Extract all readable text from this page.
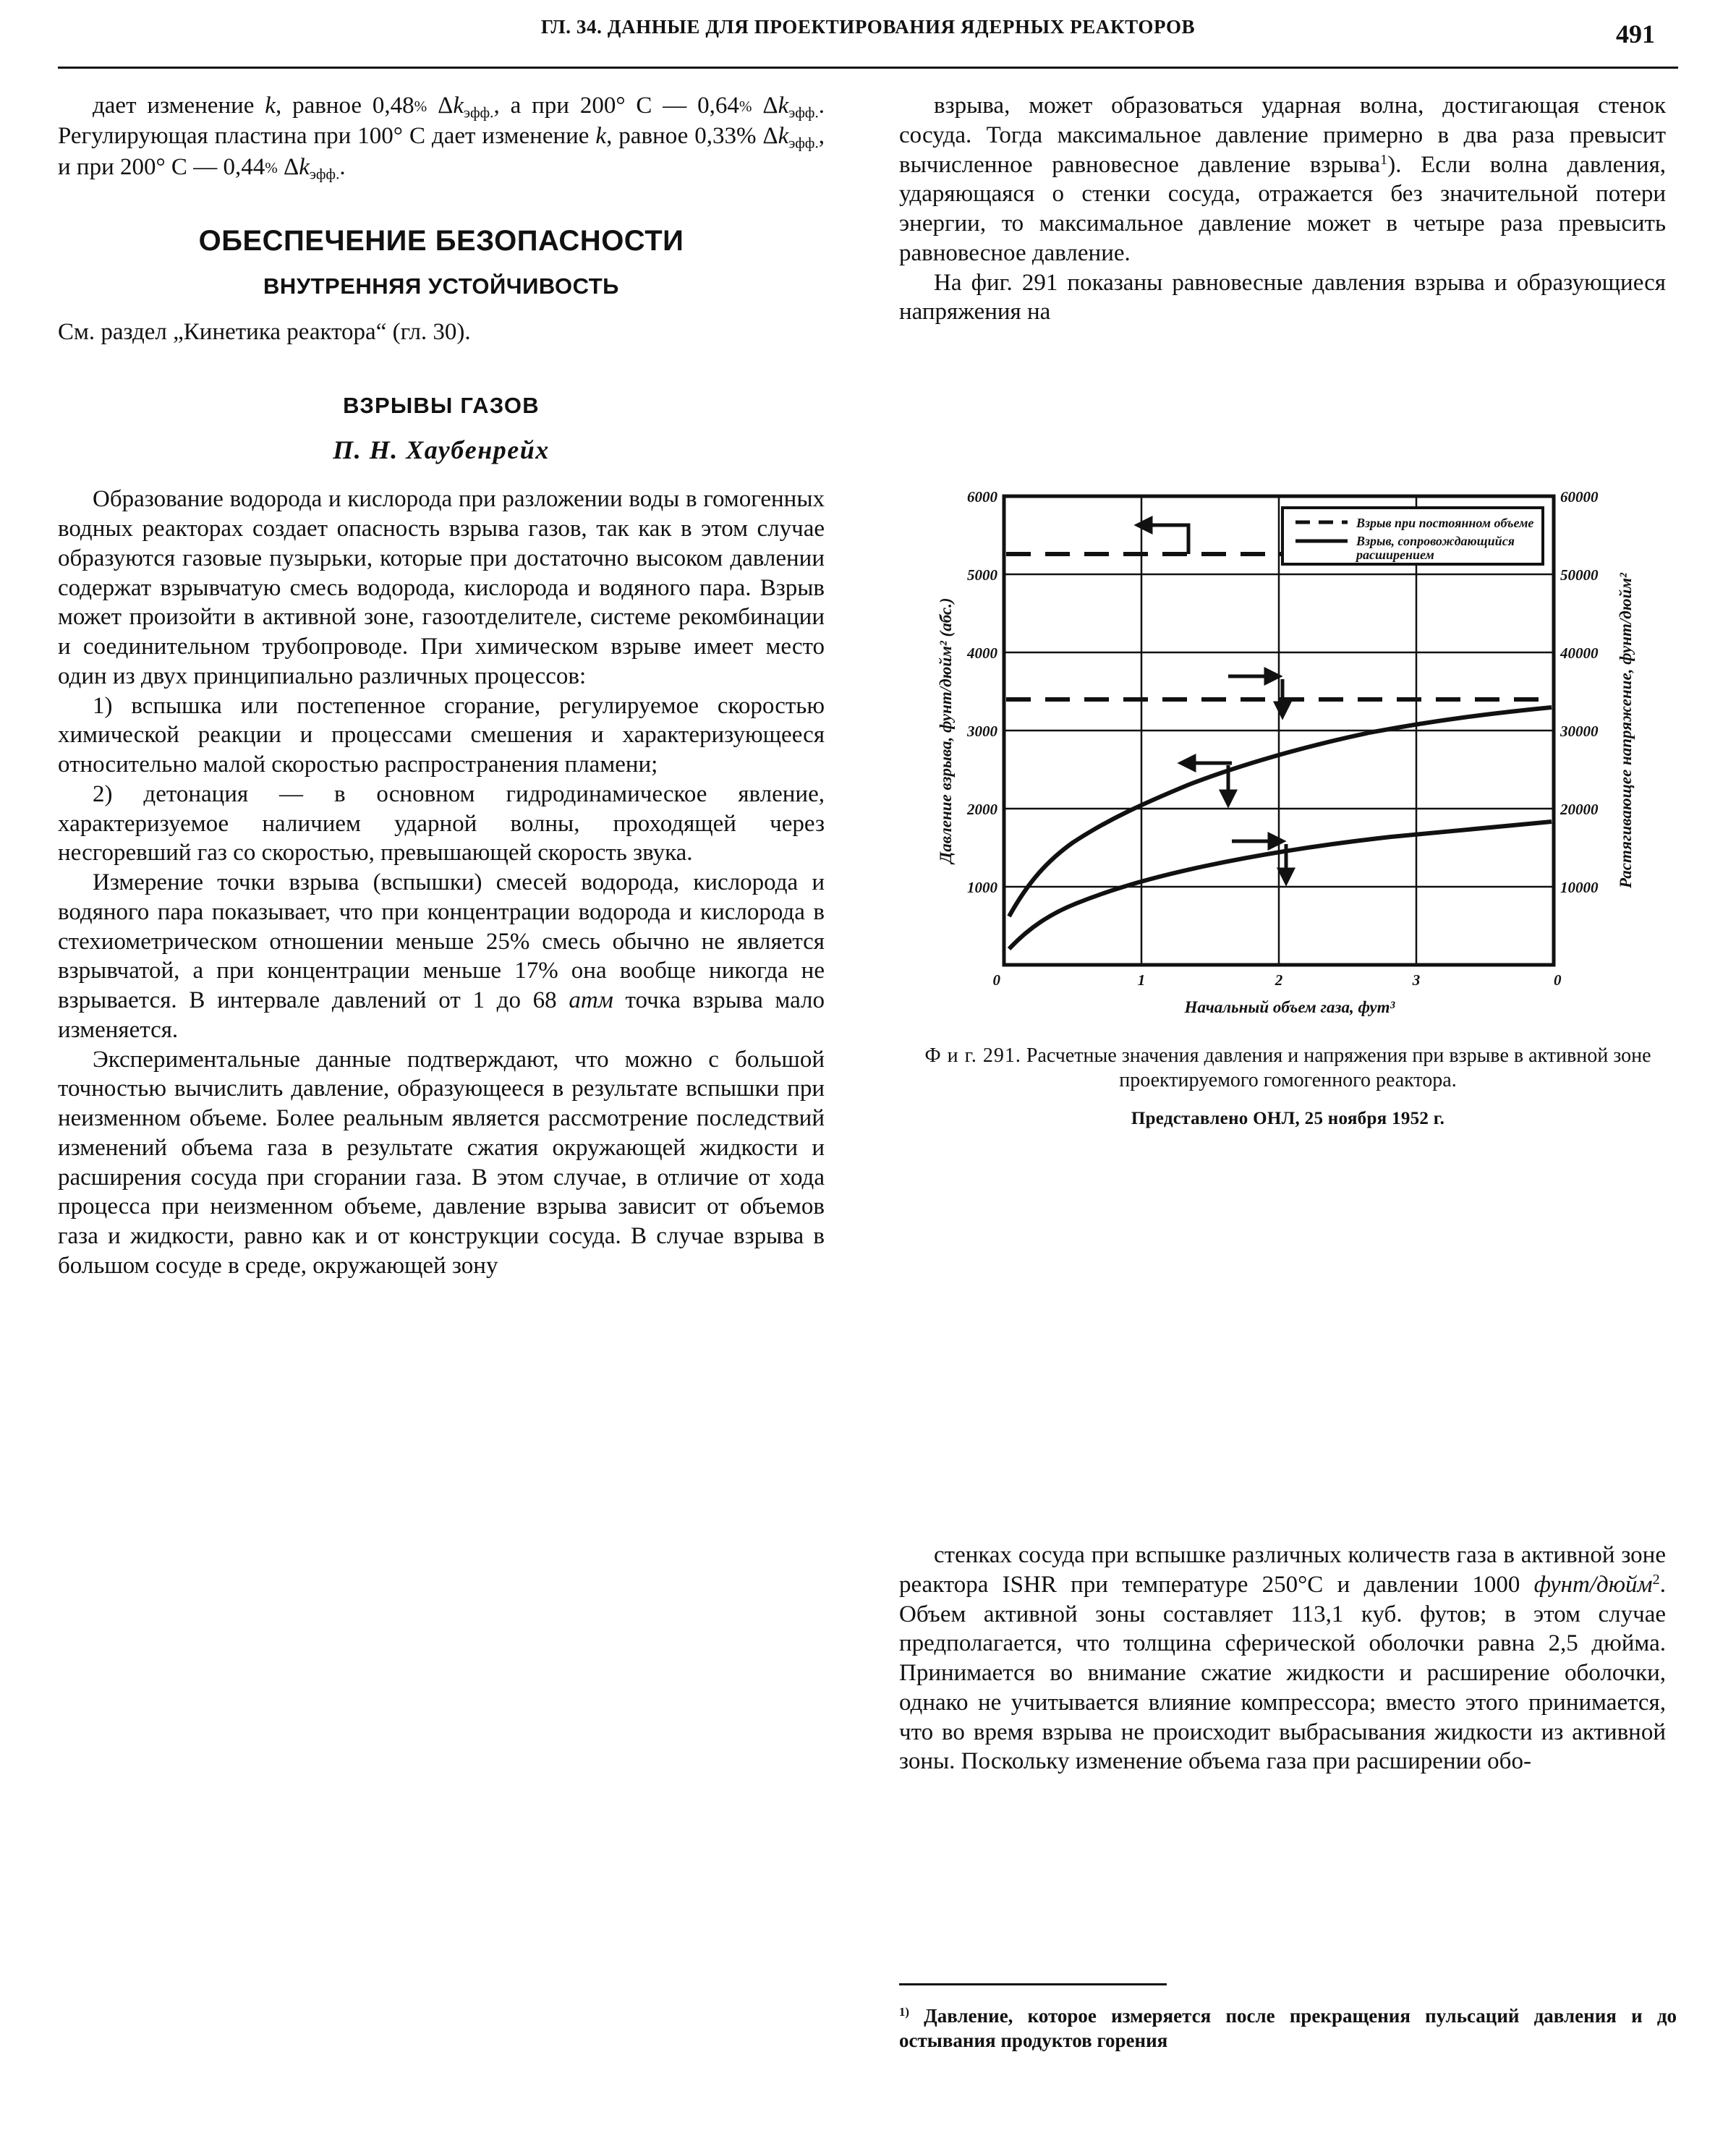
ГЛ. 34. ДАННЫЕ ДЛЯ ПРОЕКТИРОВАНИЯ ЯДЕРНЫХ РЕАКТОРОВ	491

дает изменение k, равное 0,48% $\Delta k_{эфф.}$, а при 200° С — 0,64% $\Delta k_{эфф.}$. Регулирующая пластина при 100° С дает изменение k, равное 0,33% $\Delta k_{эфф.}$, и при 200° С — 0,44% $\Delta k_{эфф.}$.

ОБЕСПЕЧЕНИЕ БЕЗОПАСНОСТИ
ВНУТРЕННЯЯ УСТОЙЧИВОСТЬ

См. раздел „Кинетика реактора“ (гл. 30).

ВЗРЫВЫ ГАЗОВ
П. Н. Хаубенрейх

Образование водорода и кислорода при разложении воды в гомогенных водных реакторах создает опасность взрыва газов, так как в этом случае образуются газовые пузырьки, которые при достаточно высоком давлении содержат взрывчатую смесь водорода, кислорода и водяного пара. Взрыв может произойти в активной зоне, газоотделителе, системе рекомбинации и соединительном трубопроводе. При химическом взрыве имеет место один из двух принципиально различных процессов:

1) вспышка или постепенное сгорание, регулируемое скоростью химической реакции и процессами смешения и характеризующееся относительно малой скоростью распространения пламени;

2) детонация — в основном гидродинамическое явление, характеризуемое наличием ударной волны, проходящей через несгоревший газ со скоростью, превышающей скорость звука.

Измерение точки взрыва (вспышки) смесей водорода, кислорода и водяного пара показывает, что при концентрации водорода и кислорода в стехиометрическом отношении меньше 25% смесь обычно не является взрывчатой, а при концентрации меньше 17% она вообще никогда не взрывается. В интервале давлений от 1 до 68 атм точка взрыва мало изменяется.

Экспериментальные данные подтверждают, что можно с большой точностью вычислить давление, образующееся в результате вспышки при неизменном объеме. Более реальным является рассмотрение последствий изменений объема газа в результате сжатия окружающей жидкости и расширения сосуда при сгорании газа. В этом случае, в отличие от хода процесса при неизменном объеме, давление взрыва зависит от объемов газа и жидкости, равно как и от конструкции сосуда. В случае взрыва в большом сосуде в среде, окружающей зону

взрыва, может образоваться ударная волна, достигающая стенок сосуда. Тогда максимальное давление примерно в два раза превысит вычисленное равновесное давление взрыва$^1$). Если волна давления, ударяющаяся о стенки сосуда, отражается без значительной потери энергии, то максимальное давление может в четыре раза превысить равновесное давление.

На фиг. 291 показаны равновесные давления взрыва и образующиеся напряжения на

6000
5000
4000
3000
2000
1000
0
60000
50000
40000
30000
20000
10000
0
1	2	3
Давление взрыва, фунт/дюйм² (абс.)	Растягивающее напряжение, фунт/дюйм²
Начальный объем газа, фут³
Взрыв при постоянном объеме
Взрыв, сопровождающийся
расширением
Ф и г. 291. Расчетные значения давления и напряжения при взрыве в активной зоне проектируемого гомогенного реактора.
Представлено ОНЛ, 25 ноября 1952 г.

стенках сосуда при вспышке различных количеств газа в активной зоне реактора ISHR при температуре 250°С и давлении 1000 фунт/дюйм$^2$. Объем активной зоны составляет 113,1 куб. футов; в этом случае предполагается, что толщина сферической оболочки равна 2,5 дюйма. Принимается во внимание сжатие жидкости и расширение оболочки, однако не учитывается влияние компрессора; вместо этого принимается, что во время взрыва не происходит выбрасывания жидкости из активной зоны. Поскольку изменение объема газа при расширении обо-

$^{1)}$ Давление, которое измеряется после прекращения пульсаций давления и до остывания продуктов горения
